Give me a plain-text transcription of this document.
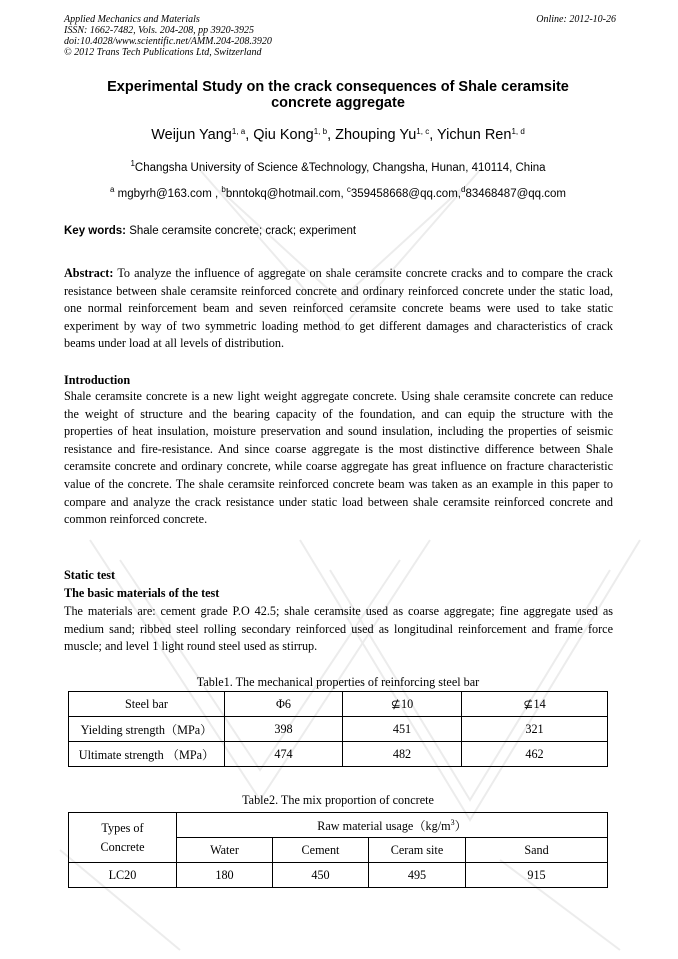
Applied Mechanics and Materials
ISSN: 1662-7482, Vols. 204-208, pp 3920-3925
doi:10.4028/www.scientific.net/AMM.204-208.3920
© 2012 Trans Tech Publications Ltd, Switzerland
Online: 2012-10-26
Experimental Study on the crack consequences of Shale ceramsite
concrete aggregate
Weijun Yang$^{1, a}$, Qiu Kong$^{1, b}$, Zhouping Yu$^{1, c}$, Yichun Ren$^{1, d}$
$^1$Changsha University of Science &Technology, Changsha, Hunan, 410114, China
$^a$ mgbyrh@163.com , $^b$bnntokq@hotmail.com, $^c$359458668@qq.com,$^d$83468487@qq.com
Key words: Shale ceramsite concrete; crack; experiment
Abstract: To analyze the influence of aggregate on shale ceramsite concrete cracks and to compare the crack resistance between shale ceramsite reinforced concrete and ordinary reinforced concrete under the static load, one normal reinforcement beam and seven reinforced ceramsite concrete beams were used to take static experiment by way of two symmetric loading method to get different damages and characteristics of crack beams under load at all levels of distribution.
Introduction
Shale ceramsite concrete is a new light weight aggregate concrete. Using shale ceramsite concrete can reduce the weight of structure and the bearing capacity of the foundation, and can equip the structure with the properties of heat insulation, moisture preservation and sound insulation, including the properties of seismic resistance and fire-resistance. And since coarse aggregate is the most distinctive difference between Shale ceramsite concrete and ordinary concrete, while coarse aggregate has great influence on fracture characteristic value of the concrete. The shale ceramsite reinforced concrete beam was taken as an example in this paper to compare and analyze the crack resistance under static load between shale ceramsite reinforced concrete and common reinforced concrete.
Static test
The basic materials of the test
The materials are: cement grade P.O 42.5; shale ceramsite used as coarse aggregate; fine aggregate used as medium sand; ribbed steel rolling secondary reinforced used as longitudinal reinforcement and frame force muscle; and level 1 light round steel used as stirrup.
Table1. The mechanical properties of reinforcing steel bar
Steel bar	Φ6	⊈10	⊈14
Yielding strength（MPa）	398	451	321
Ultimate strength （MPa）	474	482	462
Table2. The mix proportion of concrete
Types of Concrete	Raw material $usage(kg/m^3)$			
	Water	Cement	Ceram site	Sand
LC20	180	450	495	915
